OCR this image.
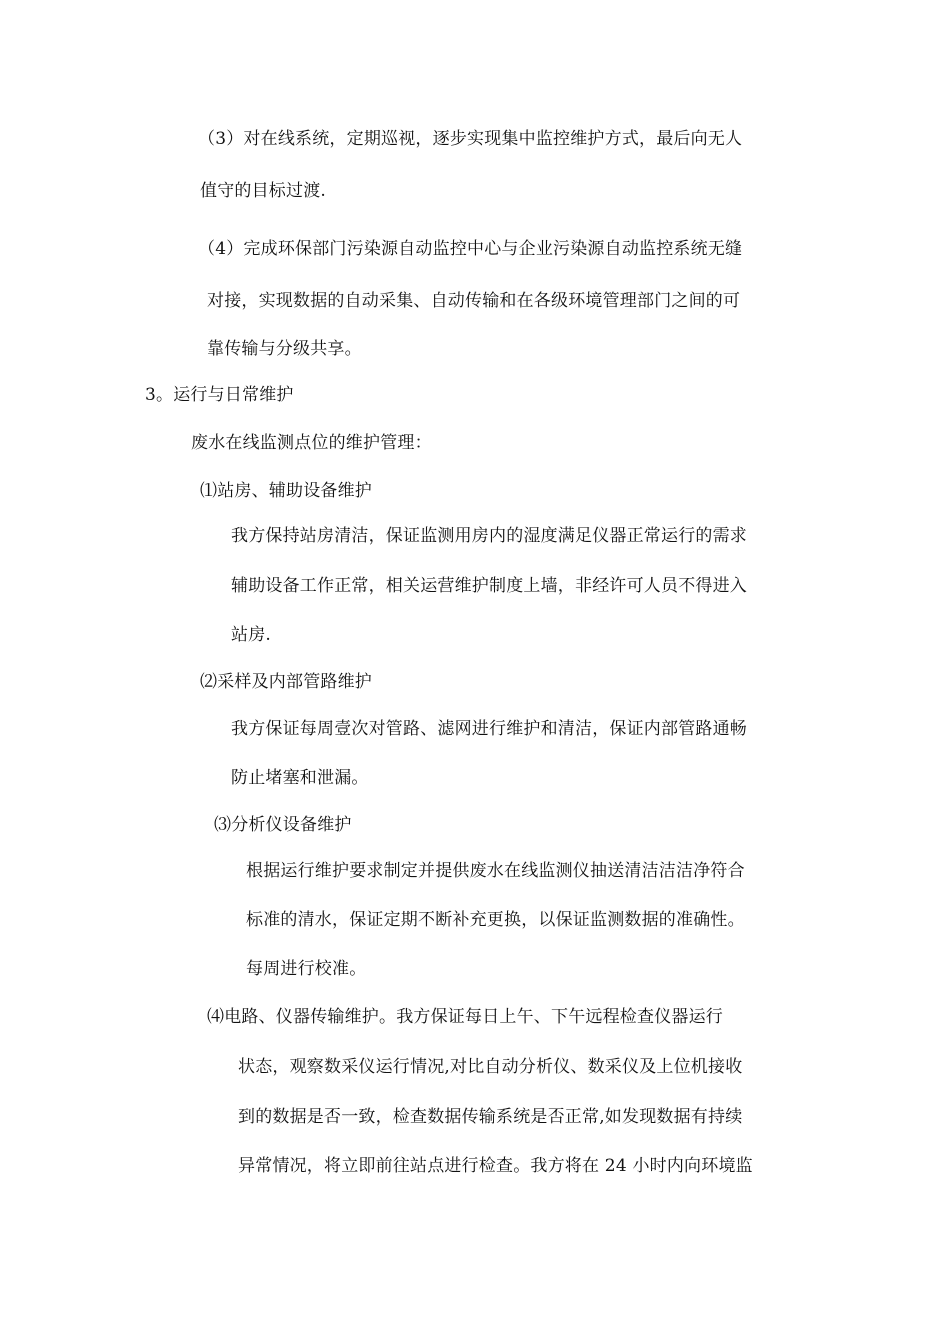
（3）对在线系统，定期巡视，逐步实现集中监控维护方式，最后向无人
值守的目标过渡.
（4）完成环保部门污染源自动监控中心与企业污染源自动监控系统无缝
对接，实现数据的自动采集、自动传输和在各级环境管理部门之间的可
靠传输与分级共享。
3。运行与日常维护
废水在线监测点位的维护管理：
⑴站房、辅助设备维护
我方保持站房清洁，保证监测用房内的湿度满足仪器正常运行的需求
辅助设备工作正常，相关运营维护制度上墙，非经许可人员不得进入
站房.
⑵采样及内部管路维护
我方保证每周壹次对管路、滤网进行维护和清洁，保证内部管路通畅
防止堵塞和泄漏。
⑶分析仪设备维护
根据运行维护要求制定并提供废水在线监测仪抽送清洁洁洁净符合
标准的清水，保证定期不断补充更换，以保证监测数据的准确性。
每周进行校准。
⑷电路、仪器传输维护。我方保证每日上午、下午远程检查仪器运行
状态，观察数采仪运行情况,对比自动分析仪、数采仪及上位机接收
到的数据是否一致，检查数据传输系统是否正常,如发现数据有持续
异常情况，将立即前往站点进行检查。我方将在 24 小时内向环境监
